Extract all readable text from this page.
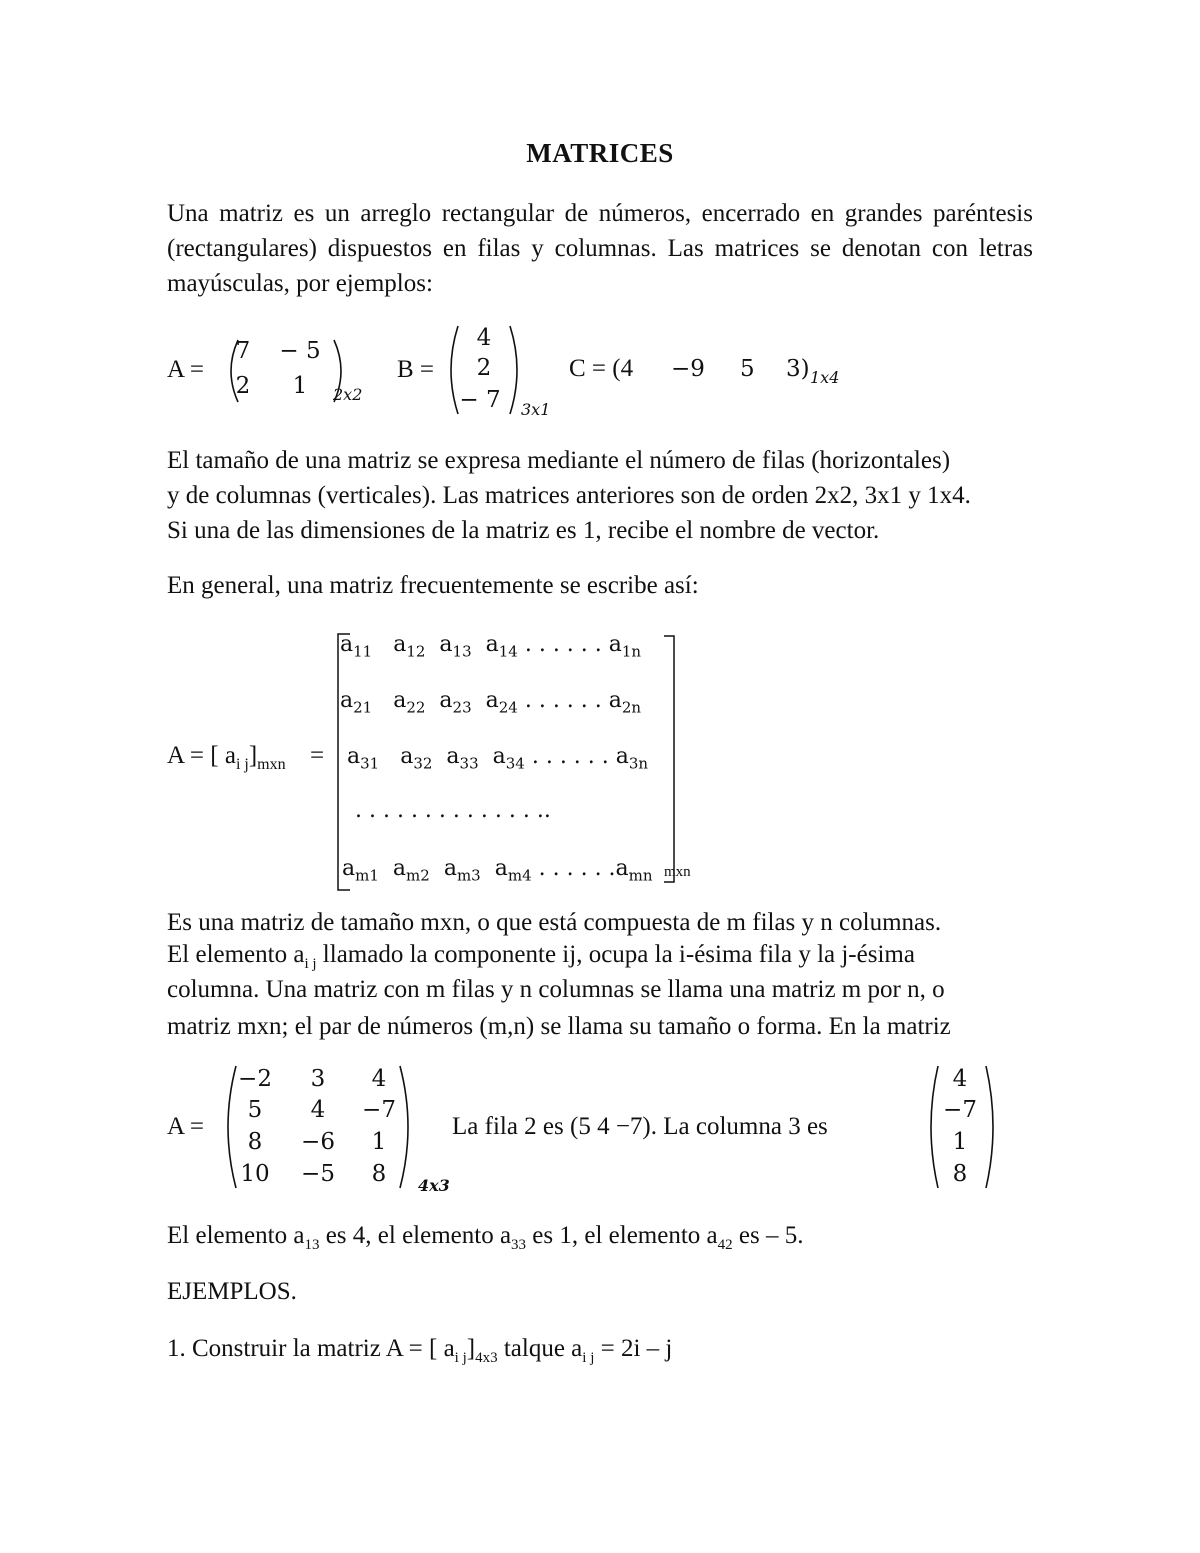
MATRICES
Una matriz es un arreglo rectangular de números, encerrado en grandes paréntesis (rectangulares) dispuestos en filas y columnas. Las matrices se denotan con letras mayúsculas, por ejemplos:
A =
7	− 5
2	1	2x2
B =
4
2
− 7	3x1
C = (4 −9 5 3) 1x4
El tamaño de una matriz se expresa mediante el número de filas (horizontales)
y de columnas (verticales). Las matrices anteriores son de orden 2x2, 3x1 y 1x4.
Si una de las dimensiones de la matriz es 1, recibe el nombre de vector.
En general, una matriz frecuentemente se escribe así:
A = [ $a_{i j}]_{mxn}$ =
$a_{11}$ $a_{12}$ $a_{13}$ $a_{14}$ . . . . . . $a_{1n}$
$a_{21}$ $a_{22}$ $a_{23}$ $a_{24}$ . . . . . . $a_{2n}$
$a_{31}$ $a_{32}$ $a_{33}$ $a_{34}$ . . . . . . $a_{3n}$
. . . . . . . . . . . . . ..
$a_{m1}$ $a_{m2}$ $a_{m3}$ $a_{m4}$ . . . . . $.a_{mn}$ mxn
Es una matriz de tamaño mxn, o que está compuesta de m filas y n columnas.
El elemento $a_{i j}$ llamado la componente ij, ocupa la i-ésima fila y la j-ésima
columna. Una matriz con m filas y n columnas se llama una matriz m por n, o
matriz mxn; el par de números (m,n) se llama su tamaño o forma. En la matriz
A =
−2	3	4
5	4	−7
8	−6	1
10	−5	8	4x3
La fila 2 es (5 4 −7). La columna 3 es
4
−7
1
8
El elemento $a_{13}$ es 4, el elemento $a_{33}$ es 1, el elemento $a_{42}$ es – 5.
EJEMPLOS.
1. Construir la matriz A = [ $a_{i j}]_{4x3}$ talque $a_{i j} = 2i - j$
